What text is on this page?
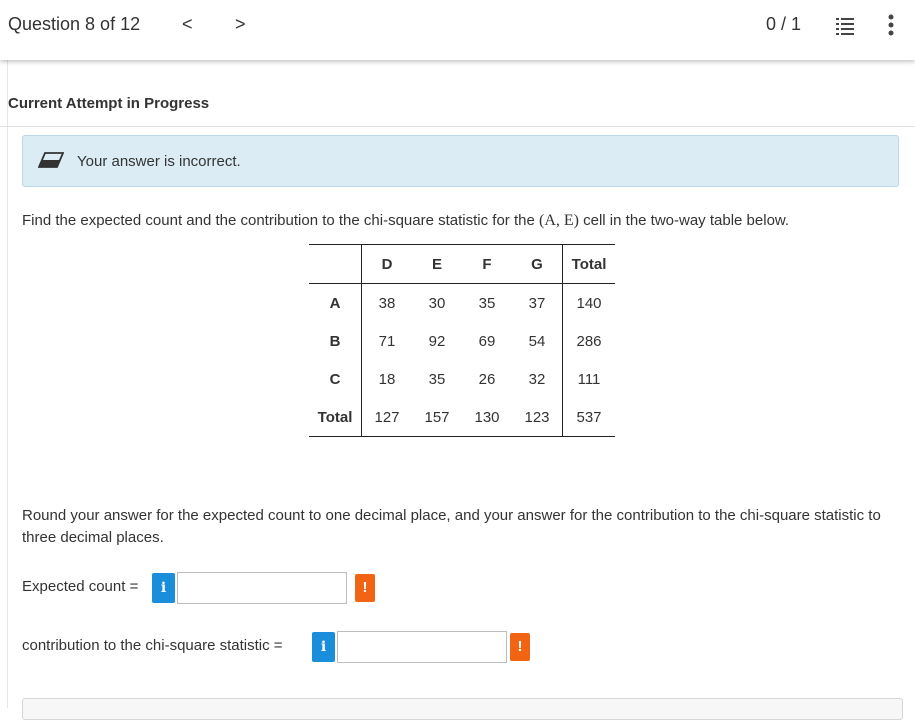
Question 8 of 12 < >	0 / 1
Current Attempt in Progress
Your answer is incorrect.
Find the expected count and the contribution to the chi-square statistic for the (A, E) cell in the two-way table below.
	D	E	F	G	Total
A	38	30	35	37	140
B	71	92	69	54	286
C	18	35	26	32	111
Total	127	157	130	123	537
Round your answer for the expected count to one decimal place, and your answer for the contribution to the chi-square statistic to three decimal places.
Expected count =	i	!
contribution to the chi-square statistic =	i	!
